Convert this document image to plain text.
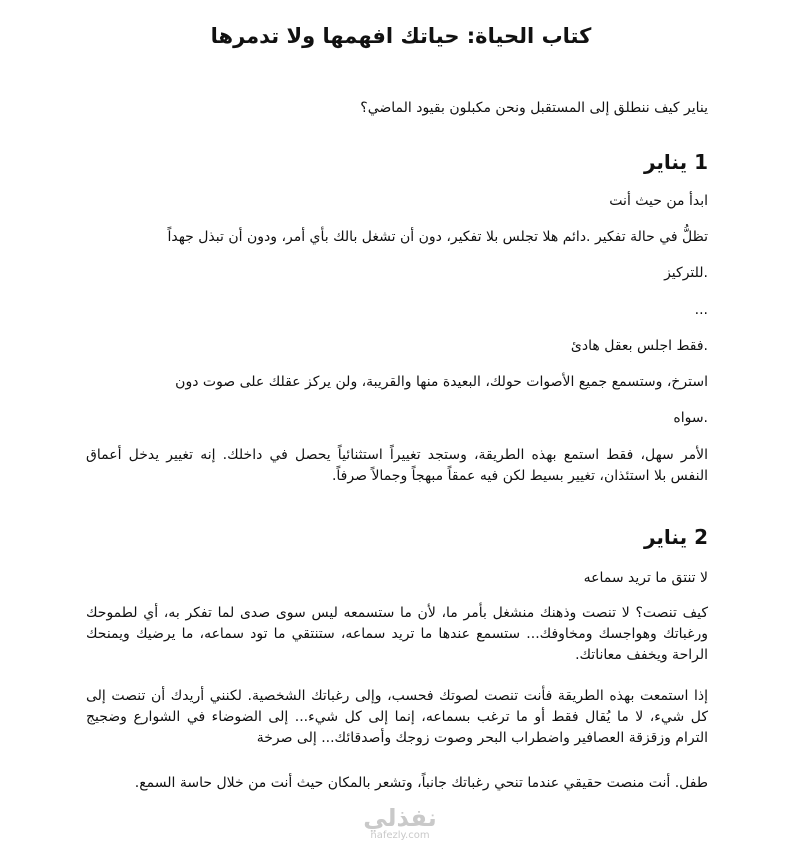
كتاب الحياة: حياتك افهمها ولا تدمرها

يناير كيف ننطلق إلى المستقبل ونحن مكبلون بقيود الماضي؟

1 يناير

ابدأ من حيث أنت

تظلُّ في حالة تفكير .دائم هلا تجلس بلا تفكير، دون أن تشغل بالك بأي أمر، ودون أن تبذل جهداً

.للتركيز

...

.فقط اجلس بعقل هادئ

استرخ، وستسمع جميع الأصوات حولك، البعيدة منها والقريبة، ولن يركز عقلك على صوت دون

.سواه

الأمر سهل، فقط استمع بهذه الطريقة، وستجد تغييراً استثنائياً يحصل في داخلك. إنه تغيير يدخل أعماق النفس بلا استئذان، تغيير بسيط لكن فيه عمقاً مبهجاً وجمالاً صرفاً.

2 يناير

لا تنتق ما تريد سماعه

كيف تنصت؟ لا تنصت وذهنك منشغل بأمر ما، لأن ما ستسمعه ليس سوى صدى لما تفكر به، أي لطموحك ورغباتك وهواجسك ومخاوفك... ستسمع عندها ما تريد سماعه، ستنتقي ما تود سماعه، ما يرضيك ويمنحك الراحة ويخفف معاناتك.

إذا استمعت بهذه الطريقة فأنت تنصت لصوتك فحسب، وإلى رغباتك الشخصية. لكنني أريدك أن تنصت إلى كل شيء، لا ما يُقال فقط أو ما ترغب بسماعه، إنما إلى كل شيء... إلى الضوضاء في الشوارع وضجيج الترام وزقزقة العصافير واضطراب البحر وصوت زوجك وأصدقائك... إلى صرخة

طفل. أنت منصت حقيقي عندما تنحي رغباتك جانباً، وتشعر بالمكان حيث أنت من خلال حاسة السمع.

نفذلي
nafezly.com
